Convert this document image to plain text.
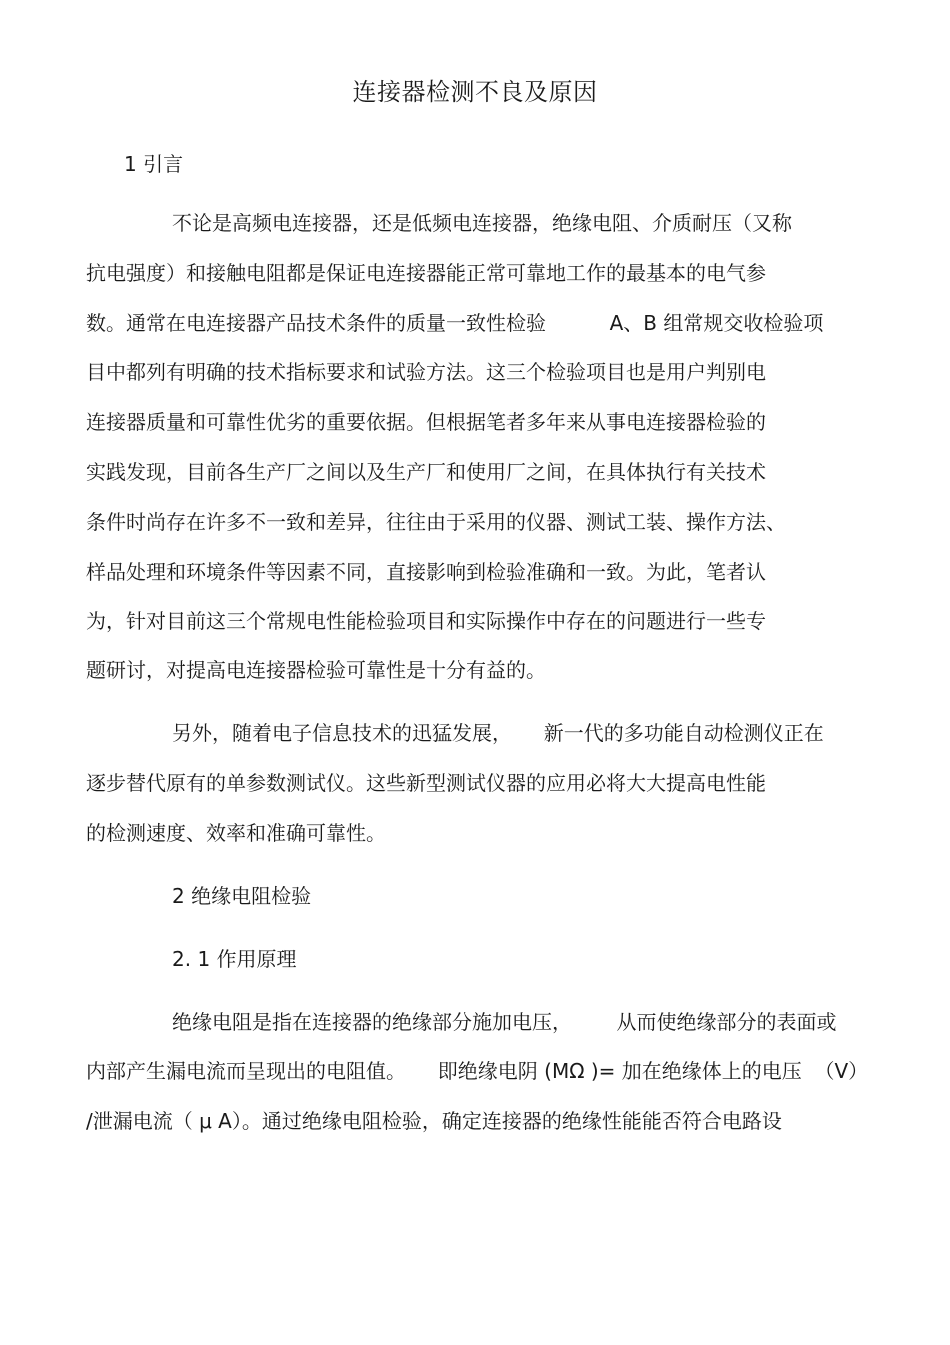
连接器检测不良及原因
1 引言
不论是高频电连接器，还是低频电连接器，绝缘电阻、介质耐压（又称
抗电强度）和接触电阻都是保证电连接器能正常可靠地工作的最基本的电气参
数。通常在电连接器产品技术条件的质量一致性检验          A、B 组常规交收检验项
目中都列有明确的技术指标要求和试验方法。这三个检验项目也是用户判别电
连接器质量和可靠性优劣的重要依据。但根据笔者多年来从事电连接器检验的
实践发现，目前各生产厂之间以及生产厂和使用厂之间，在具体执行有关技术
条件时尚存在许多不一致和差异，往往由于采用的仪器、测试工装、操作方法、
样品处理和环境条件等因素不同，直接影响到检验准确和一致。为此，笔者认
为，针对目前这三个常规电性能检验项目和实际操作中存在的问题进行一些专
题研讨，对提高电连接器检验可靠性是十分有益的。
另外，随着电子信息技术的迅猛发展，     新一代的多功能自动检测仪正在
逐步替代原有的单参数测试仪。这些新型测试仪器的应用必将大大提高电性能
的检测速度、效率和准确可靠性。
2 绝缘电阻检验
2. 1 作用原理
绝缘电阻是指在连接器的绝缘部分施加电压，       从而使绝缘部分的表面或
内部产生漏电流而呈现出的电阻值。     即绝缘电阴 (MΩ )= 加在绝缘体上的电压  （V）
/泄漏电流（ μ A）。通过绝缘电阻检验，确定连接器的绝缘性能能否符合电路设
